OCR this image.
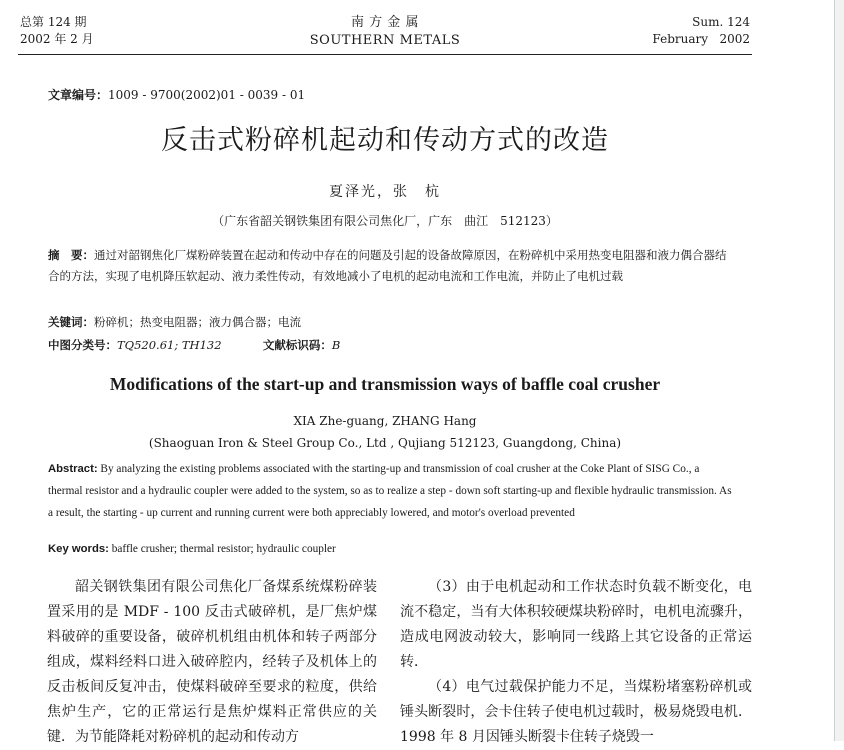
总第 124 期
2002 年 2 月
南 方 金 属
SOUTHERN METALS
Sum. 124
February   2002
文章编号：1009 - 9700(2002)01 - 0039 - 01
反击式粉碎机起动和传动方式的改造
夏泽光，张　杭
（广东省韶关钢铁集团有限公司焦化厂，广东　曲江　512123）
摘　要：通过对韶钢焦化厂煤粉碎装置在起动和传动中存在的问题及引起的设备故障原因，在粉碎机中采用热变电阻器和液力偶合器结合的方法，实现了电机降压软起动、液力柔性传动，有效地减小了电机的起动电流和工作电流，并防止了电机过载
关键词：粉碎机；热变电阻器；液力偶合器；电流
中图分类号：TQ520.61; TH132	文献标识码：B
Modifications of the start-up and transmission ways of baffle coal crusher
XIA Zhe-guang, ZHANG Hang
(Shaoguan Iron & Steel Group Co., Ltd , Qujiang 512123, Guangdong, China)
Abstract: By analyzing the existing problems associated with the starting-up and transmission of coal crusher at the Coke Plant of SISG Co., a thermal resistor and a hydraulic coupler were added to the system, so as to realize a step - down soft starting-up and flexible hydraulic transmission. As a result, the starting - up current and running current were both appreciably lowered, and motor's overload prevented
Key words: baffle crusher; thermal resistor; hydraulic coupler

韶关钢铁集团有限公司焦化厂备煤系统煤粉碎装置采用的是 MDF - 100 反击式破碎机，是厂焦炉煤料破碎的重要设备，破碎机机组由机体和转子两部分组成，煤料经料口进入破碎腔内，经转子及机体上的反击板间反复冲击，使煤料破碎至要求的粒度，供给焦炉生产，它的正常运行是焦炉煤料正常供应的关键．为节能降耗对粉碎机的起动和传动方

（3）由于电机起动和工作状态时负载不断变化，电流不稳定，当有大体积较硬煤块粉碎时，电机电流骤升，造成电网波动较大，影响同一线路上其它设备的正常运转．

（4）电气过载保护能力不足，当煤粉堵塞粉碎机或锤头断裂时，会卡住转子使电机过载时，极易烧毁电机．1998 年 8 月因锤头断裂卡住转子烧毁一
